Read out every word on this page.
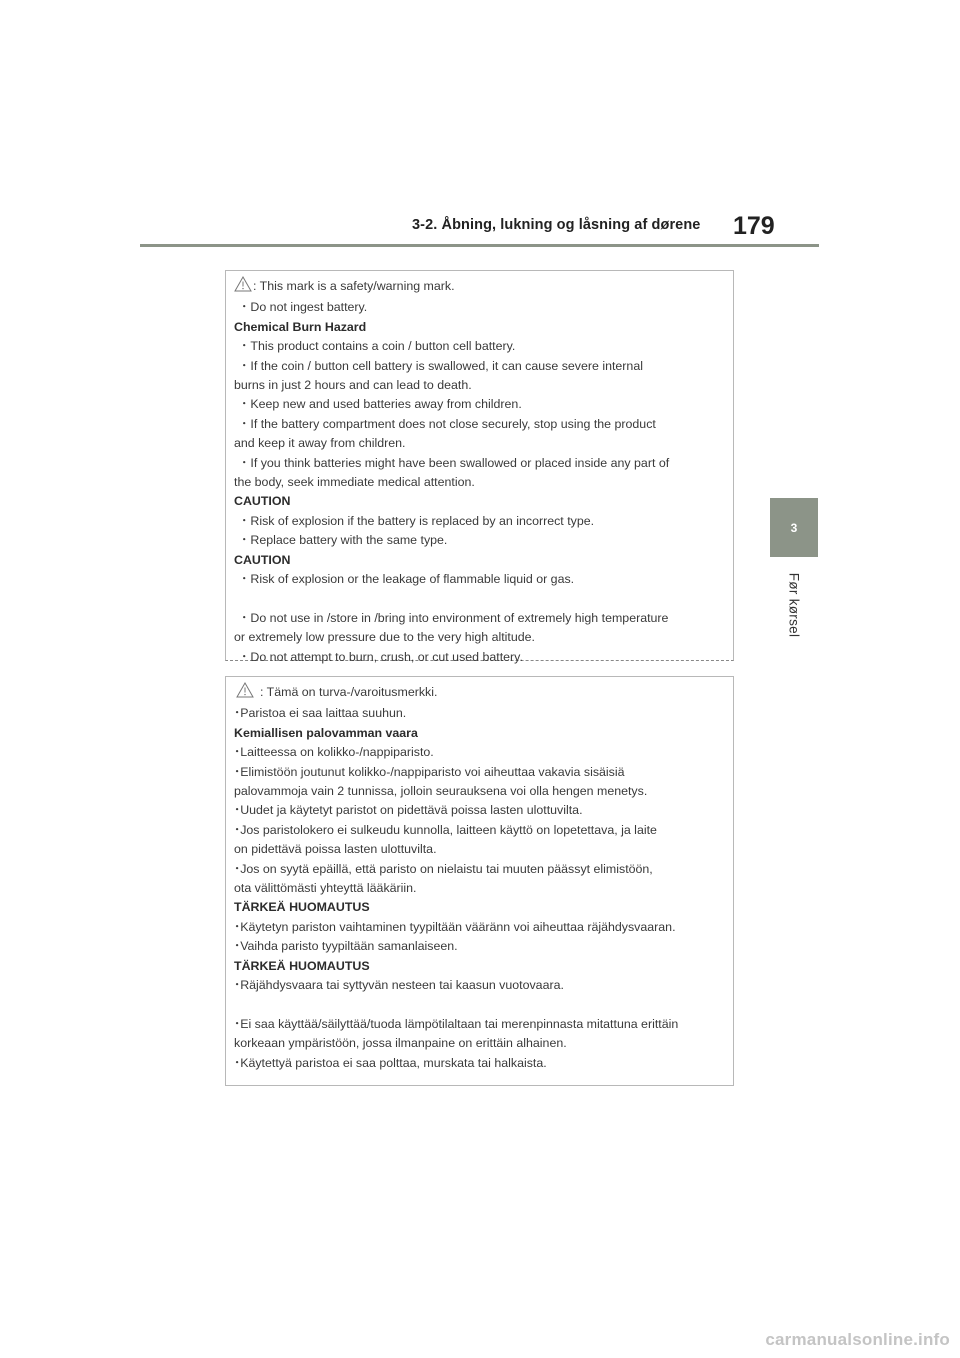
3-2. Åbning, lukning og låsning af dørene 179
3
Før kørsel
: This mark is a safety/warning mark.
・Do not ingest battery.
Chemical Burn Hazard
・This product contains a coin / button cell battery.
・If the coin / button cell battery is swallowed, it can cause severe internal
burns in just 2 hours and can lead to death.
・Keep new and used batteries away from children.
・If the battery compartment does not close securely, stop using the product
and keep it away from children.
・If you think batteries might have been swallowed or placed inside any part of
the body, seek immediate medical attention.
CAUTION
・Risk of explosion if the battery is replaced by an incorrect type.
・Replace battery with the same type.
CAUTION
・Risk of explosion or the leakage of flammable liquid or gas.
・Do not use in /store in /bring into environment of extremely high temperature
or extremely low pressure due to the very high altitude.
・Do not attempt to burn, crush, or cut used battery.
: Tämä on turva-/varoitusmerkki.
･Paristoa ei saa laittaa suuhun.
Kemiallisen palovamman vaara
･Laitteessa on kolikko-/nappiparisto.
･Elimistöön joutunut kolikko-/nappiparisto voi aiheuttaa vakavia sisäisiä
palovammoja vain 2 tunnissa, jolloin seurauksena voi olla hengen menetys.
･Uudet ja käytetyt paristot on pidettävä poissa lasten ulottuvilta.
･Jos paristolokero ei sulkeudu kunnolla, laitteen käyttö on lopetettava, ja laite
on pidettävä poissa lasten ulottuvilta.
･Jos on syytä epäillä, että paristo on nielaistu tai muuten päässyt elimistöön,
ota välittömästi yhteyttä lääkäriin.
TÄRKEÄ HUOMAUTUS
･Käytetyn pariston vaihtaminen tyypiltään vääränn voi aiheuttaa räjähdysvaaran.
･Vaihda paristo tyypiltään samanlaiseen.
TÄRKEÄ HUOMAUTUS
･Räjähdysvaara tai syttyvän nesteen tai kaasun vuotovaara.
･Ei saa käyttää/säilyttää/tuoda lämpötilaltaan tai merenpinnasta mitattuna erittäin
korkeaan ympäristöön, jossa ilmanpaine on erittäin alhainen.
･Käytettyä paristoa ei saa polttaa, murskata tai halkaista.
carmanualsonline.info
